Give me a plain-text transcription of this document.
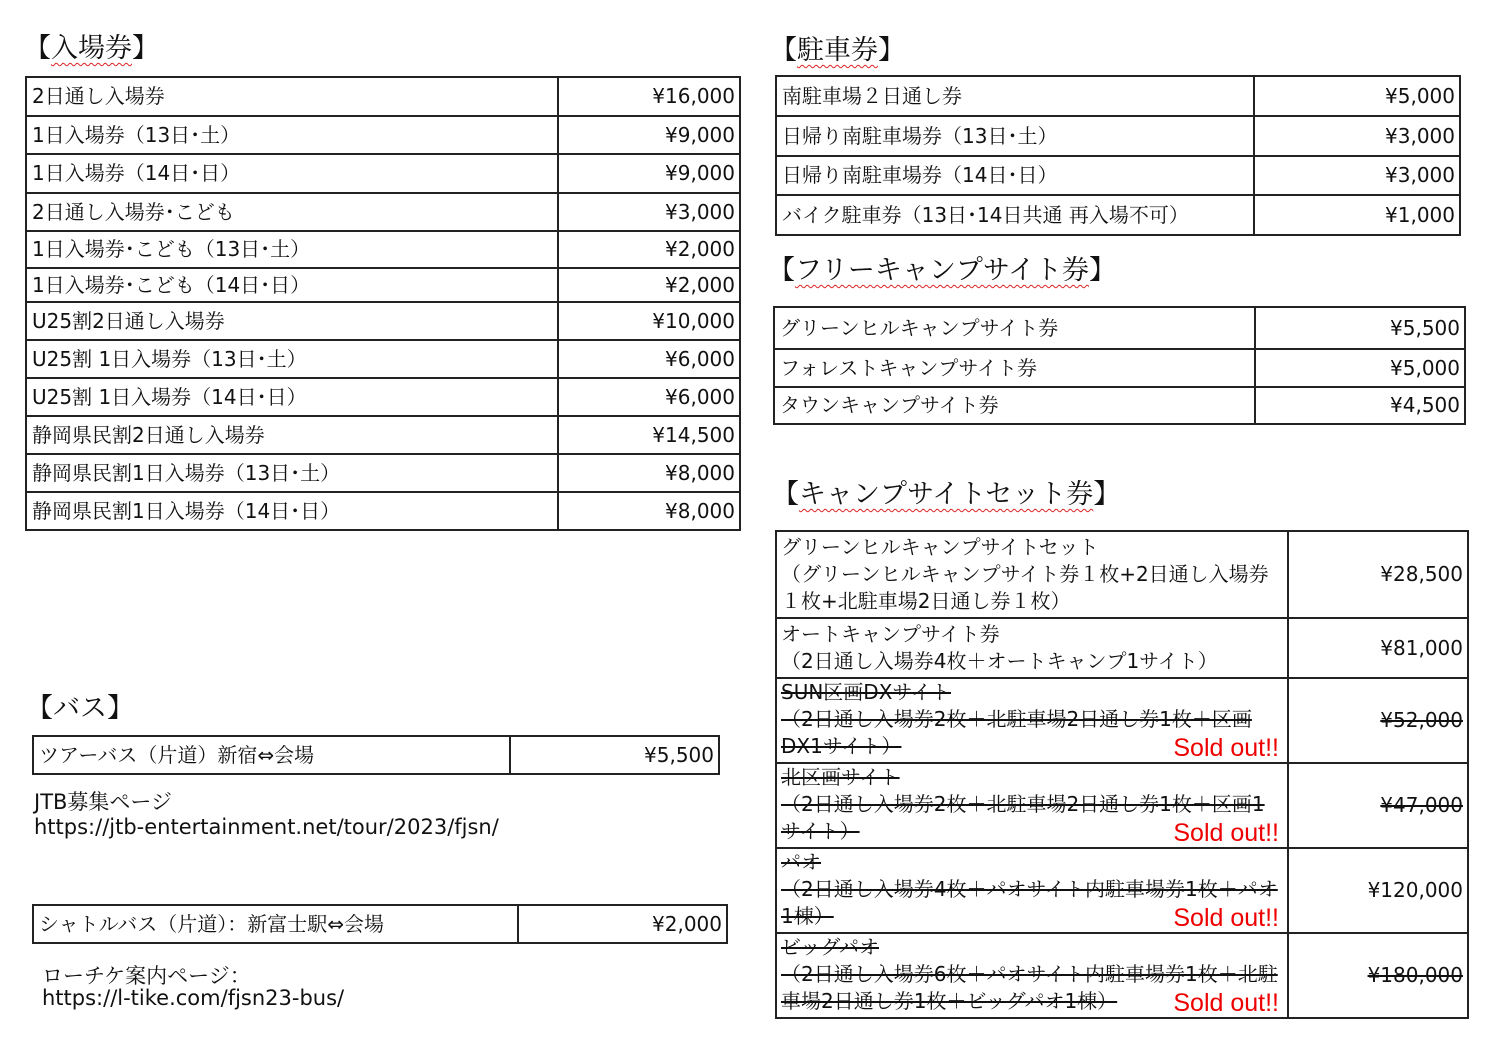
【入場券】
2日通し入場券	¥16,000
1日入場券（13日･土）	¥9,000
1日入場券（14日･日）	¥9,000
2日通し入場券･こども	¥3,000
1日入場券･こども（13日･土）	¥2,000
1日入場券･こども（14日･日）	¥2,000
U25割2日通し入場券	¥10,000
U25割 1日入場券（13日･土）	¥6,000
U25割 1日入場券（14日･日）	¥6,000
静岡県民割2日通し入場券	¥14,500
静岡県民割1日入場券（13日･土）	¥8,000
静岡県民割1日入場券（14日･日）	¥8,000
【駐車券】
南駐車場２日通し券	¥5,000
日帰り南駐車場券（13日･土）	¥3,000
日帰り南駐車場券（14日･日）	¥3,000
バイク駐車券（13日･14日共通 再入場不可）	¥1,000
【フリーキャンプサイト券】
グリーンヒルキャンプサイト券	¥5,500
フォレストキャンプサイト券	¥5,000
タウンキャンプサイト券	¥4,500
【キャンプサイトセット券】
グリーンヒルキャンプサイトセット
（グリーンヒルキャンプサイト券１枚+2日通し入場券１枚+北駐車場2日通し券１枚）	¥28,500

オートキャンプサイト券
（2日通し入場券4枚＋オートキャンプ1サイト）	¥81,000

SUN区画DXサイト
（2日通し入場券2枚＋北駐車場2日通し券1枚＋区画DX1サイト） Sold out!!	¥52,000

北区画サイト
（2日通し入場券2枚＋北駐車場2日通し券1枚＋区画1サイト） Sold out!!	¥47,000

パオ
（2日通し入場券4枚＋パオサイト内駐車場券1枚＋パオ1棟） Sold out!!	¥120,000

ビッグパオ
（2日通し入場券6枚＋パオサイト内駐車場券1枚＋北駐車場2日通し券1枚＋ビッグパオ1棟） Sold out!!	¥180,000
【バス】
ツアーバス（片道）新宿⇔会場	¥5,500
JTB募集ページ
https://jtb-entertainment.net/tour/2023/fjsn/
シャトルバス（片道）：新富士駅⇔会場	¥2,000
ローチケ案内ページ：
https://l-tike.com/fjsn23-bus/
